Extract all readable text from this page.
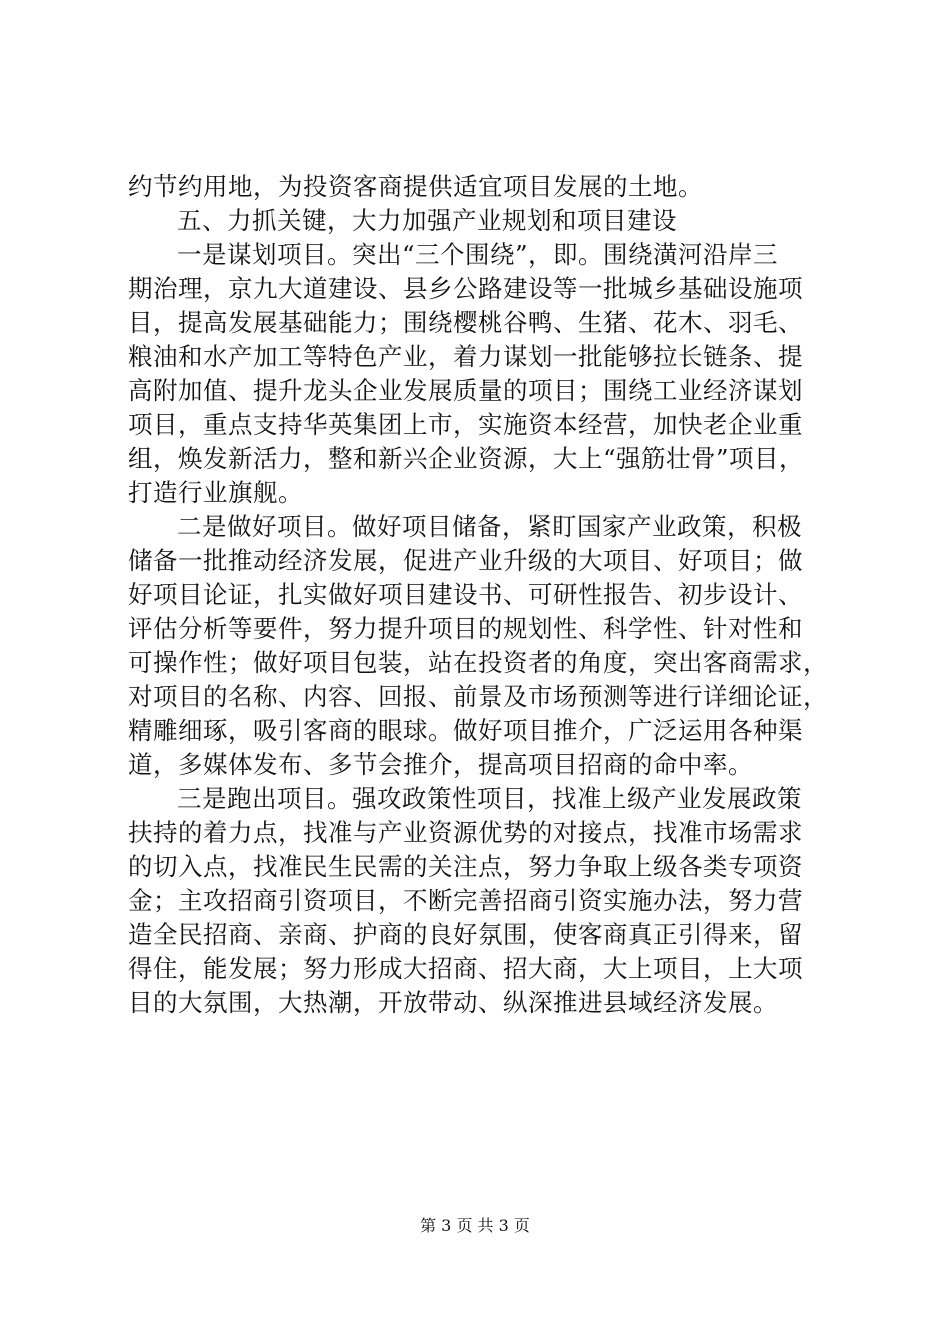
约节约用地，为投资客商提供适宜项目发展的土地。
五、力抓关键，大力加强产业规划和项目建设
一是谋划项目。突出“三个围绕”，即。围绕潢河沿岸三
期治理，京九大道建设、县乡公路建设等一批城乡基础设施项
目，提高发展基础能力；围绕樱桃谷鸭、生猪、花木、羽毛、
粮油和水产加工等特色产业，着力谋划一批能够拉长链条、提
高附加值、提升龙头企业发展质量的项目；围绕工业经济谋划
项目，重点支持华英集团上市，实施资本经营，加快老企业重
组，焕发新活力，整和新兴企业资源，大上“强筋壮骨”项目，
打造行业旗舰。
二是做好项目。做好项目储备，紧盯国家产业政策，积极
储备一批推动经济发展，促进产业升级的大项目、好项目；做
好项目论证，扎实做好项目建设书、可研性报告、初步设计、
评估分析等要件，努力提升项目的规划性、科学性、针对性和
可操作性；做好项目包装，站在投资者的角度，突出客商需求，
对项目的名称、内容、回报、前景及市场预测等进行详细论证，
精雕细琢，吸引客商的眼球。做好项目推介，广泛运用各种渠
道，多媒体发布、多节会推介，提高项目招商的命中率。
三是跑出项目。强攻政策性项目，找准上级产业发展政策
扶持的着力点，找准与产业资源优势的对接点，找准市场需求
的切入点，找准民生民需的关注点，努力争取上级各类专项资
金；主攻招商引资项目，不断完善招商引资实施办法，努力营
造全民招商、亲商、护商的良好氛围，使客商真正引得来，留
得住，能发展；努力形成大招商、招大商，大上项目，上大项
目的大氛围，大热潮，开放带动、纵深推进县域经济发展。
第 3 页 共 3 页
